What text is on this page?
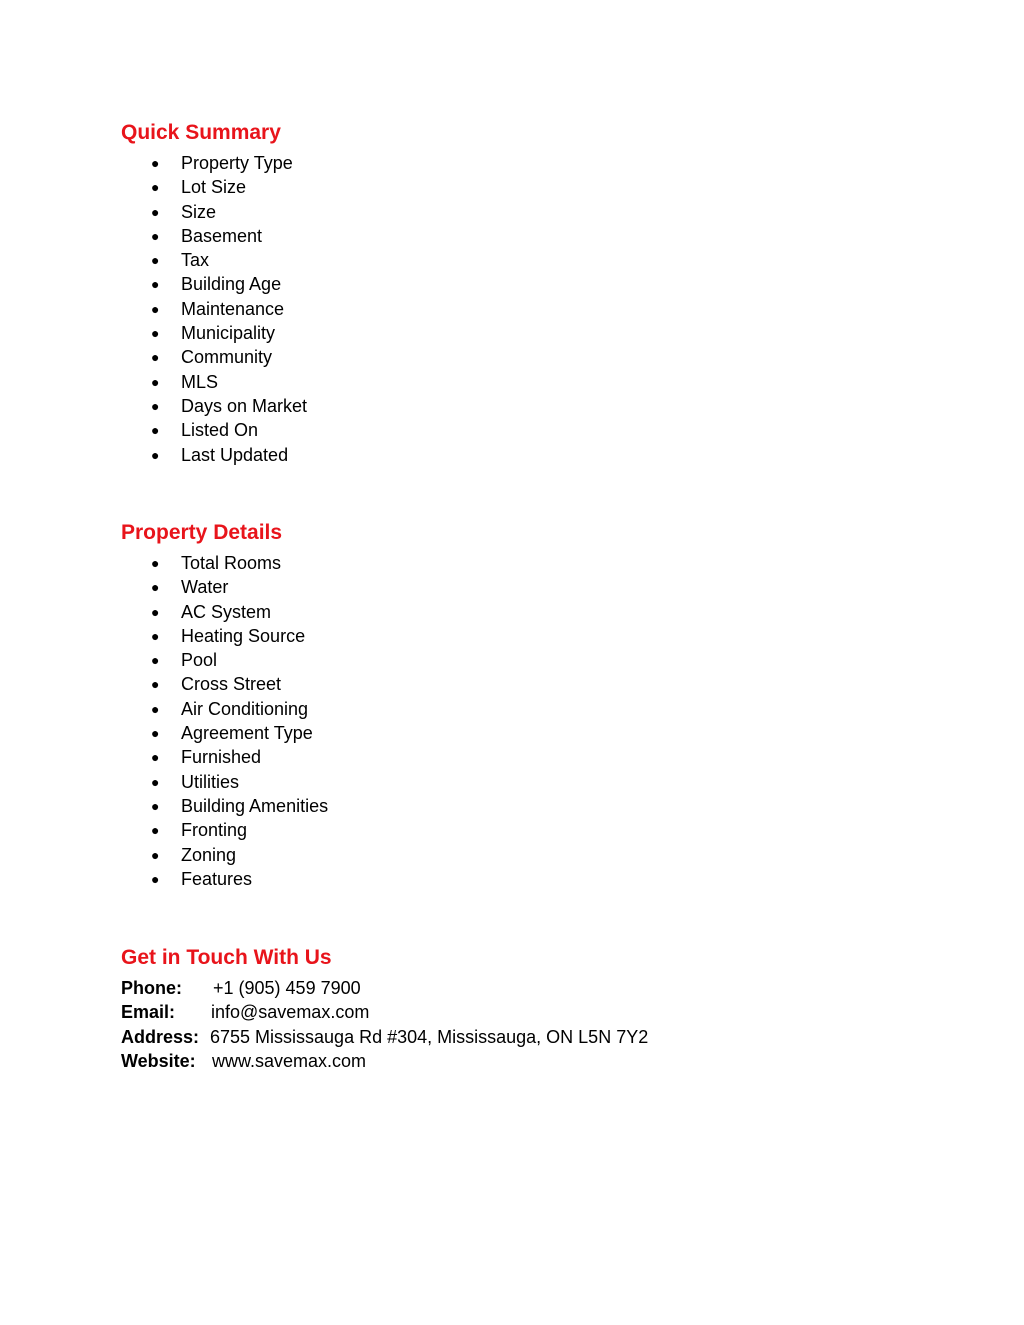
Quick Summary
● Property Type
● Lot Size
● Size
● Basement
● Tax
● Building Age
● Maintenance
● Municipality
● Community
● MLS
● Days on Market
● Listed On
● Last Updated
Property Details
● Total Rooms
● Water
● AC System
● Heating Source
● Pool
● Cross Street
● Air Conditioning
● Agreement Type
● Furnished
● Utilities
● Building Amenities
● Fronting
● Zoning
● Features
Get in Touch With Us
Phone: +1 (905) 459 7900
Email: info@savemax.com
Address: 6755 Mississauga Rd #304, Mississauga, ON L5N 7Y2
Website: www.savemax.com
